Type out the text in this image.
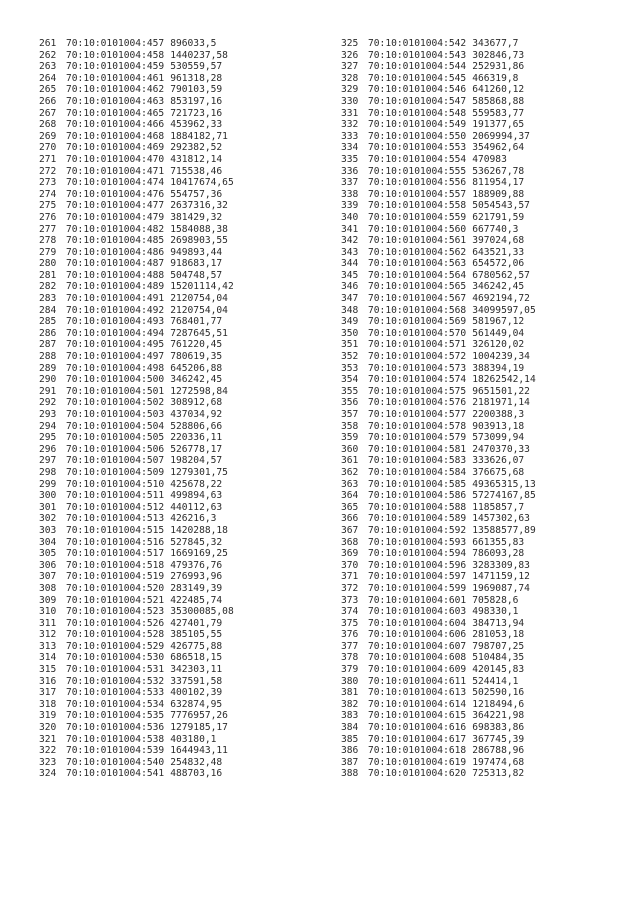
261 70:10:0101004:457 896033,5
262 70:10:0101004:458 1440237,58
263 70:10:0101004:459 530559,57
264 70:10:0101004:461 961318,28
265 70:10:0101004:462 790103,59
266 70:10:0101004:463 853197,16
267 70:10:0101004:465 721723,16
268 70:10:0101004:466 453962,33
269 70:10:0101004:468 1884182,71
270 70:10:0101004:469 292382,52
271 70:10:0101004:470 431812,14
272 70:10:0101004:471 715538,46
273 70:10:0101004:474 10417674,65
274 70:10:0101004:476 554757,36
275 70:10:0101004:477 2637316,32
276 70:10:0101004:479 381429,32
277 70:10:0101004:482 1584088,38
278 70:10:0101004:485 2698903,55
279 70:10:0101004:486 949893,44
280 70:10:0101004:487 918683,17
281 70:10:0101004:488 504748,57
282 70:10:0101004:489 15201114,42
283 70:10:0101004:491 2120754,04
284 70:10:0101004:492 2120754,04
285 70:10:0101004:493 768401,77
286 70:10:0101004:494 7287645,51
287 70:10:0101004:495 761220,45
288 70:10:0101004:497 780619,35
289 70:10:0101004:498 645206,88
290 70:10:0101004:500 346242,45
291 70:10:0101004:501 1272598,84
292 70:10:0101004:502 308912,68
293 70:10:0101004:503 437034,92
294 70:10:0101004:504 528806,66
295 70:10:0101004:505 220336,11
296 70:10:0101004:506 526778,17
297 70:10:0101004:507 198204,57
298 70:10:0101004:509 1279301,75
299 70:10:0101004:510 425678,22
300 70:10:0101004:511 499894,63
301 70:10:0101004:512 440112,63
302 70:10:0101004:513 426216,3
303 70:10:0101004:515 1420288,18
304 70:10:0101004:516 527845,32
305 70:10:0101004:517 1669169,25
306 70:10:0101004:518 479376,76
307 70:10:0101004:519 276993,96
308 70:10:0101004:520 283149,39
309 70:10:0101004:521 422485,74
310 70:10:0101004:523 35300085,08
311 70:10:0101004:526 427401,79
312 70:10:0101004:528 385105,55
313 70:10:0101004:529 426775,88
314 70:10:0101004:530 686518,15
315 70:10:0101004:531 342303,11
316 70:10:0101004:532 337591,58
317 70:10:0101004:533 400102,39
318 70:10:0101004:534 632874,95
319 70:10:0101004:535 7776957,26
320 70:10:0101004:536 1279185,17
321 70:10:0101004:538 403180,1
322 70:10:0101004:539 1644943,11
323 70:10:0101004:540 254832,48
324 70:10:0101004:541 488703,16
325 70:10:0101004:542 343677,7
326 70:10:0101004:543 302846,73
327 70:10:0101004:544 252931,86
328 70:10:0101004:545 466319,8
329 70:10:0101004:546 641260,12
330 70:10:0101004:547 585868,88
331 70:10:0101004:548 559583,77
332 70:10:0101004:549 191377,65
333 70:10:0101004:550 2069994,37
334 70:10:0101004:553 354962,64
335 70:10:0101004:554 470983
336 70:10:0101004:555 536267,78
337 70:10:0101004:556 811954,17
338 70:10:0101004:557 188909,88
339 70:10:0101004:558 5054543,57
340 70:10:0101004:559 621791,59
341 70:10:0101004:560 667740,3
342 70:10:0101004:561 397024,68
343 70:10:0101004:562 643521,33
344 70:10:0101004:563 654572,06
345 70:10:0101004:564 6780562,57
346 70:10:0101004:565 346242,45
347 70:10:0101004:567 4692194,72
348 70:10:0101004:568 34099597,05
349 70:10:0101004:569 581967,12
350 70:10:0101004:570 561449,04
351 70:10:0101004:571 326120,02
352 70:10:0101004:572 1004239,34
353 70:10:0101004:573 388394,19
354 70:10:0101004:574 18262542,14
355 70:10:0101004:575 9651501,22
356 70:10:0101004:576 2181971,14
357 70:10:0101004:577 2200388,3
358 70:10:0101004:578 903913,18
359 70:10:0101004:579 573099,94
360 70:10:0101004:581 2470370,33
361 70:10:0101004:583 333626,07
362 70:10:0101004:584 376675,68
363 70:10:0101004:585 49365315,13
364 70:10:0101004:586 57274167,85
365 70:10:0101004:588 1185857,7
366 70:10:0101004:589 1457302,63
367 70:10:0101004:592 13588577,89
368 70:10:0101004:593 661355,83
369 70:10:0101004:594 786093,28
370 70:10:0101004:596 3283309,83
371 70:10:0101004:597 1471159,12
372 70:10:0101004:599 1969087,74
373 70:10:0101004:601 705828,6
374 70:10:0101004:603 498330,1
375 70:10:0101004:604 384713,94
376 70:10:0101004:606 281053,18
377 70:10:0101004:607 798707,25
378 70:10:0101004:608 510484,35
379 70:10:0101004:609 420145,83
380 70:10:0101004:611 524414,1
381 70:10:0101004:613 502590,16
382 70:10:0101004:614 1218494,6
383 70:10:0101004:615 364221,98
384 70:10:0101004:616 698383,86
385 70:10:0101004:617 367745,39
386 70:10:0101004:618 286788,96
387 70:10:0101004:619 197474,68
388 70:10:0101004:620 725313,82
